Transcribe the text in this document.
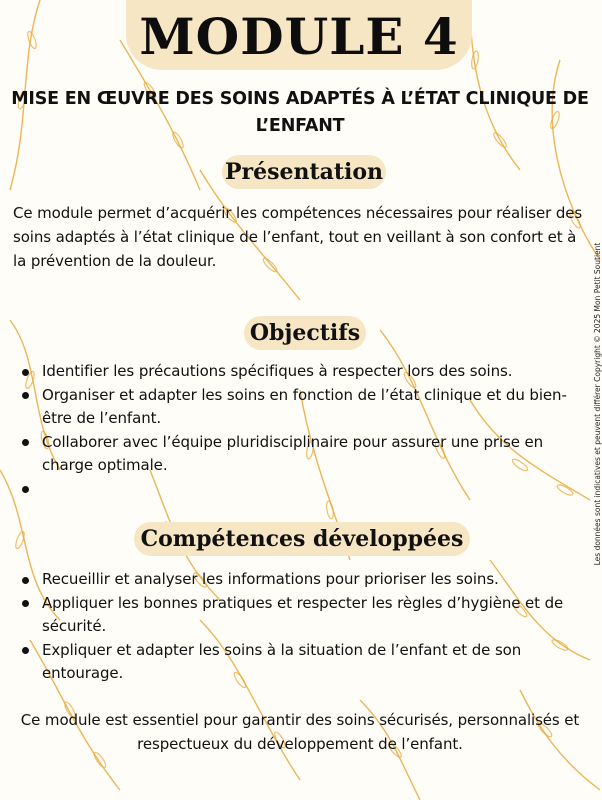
MODULE 4
MISE EN ŒUVRE DES SOINS ADAPTÉS À L’ÉTAT CLINIQUE DE L’ENFANT
Présentation
Ce module permet d’acquérir les compétences nécessaires pour réaliser des soins adaptés à l’état clinique de l’enfant, tout en veillant à son confort et à la prévention de la douleur.
Objectifs
Identifier les précautions spécifiques à respecter lors des soins.
Organiser et adapter les soins en fonction de l’état clinique et du bien-être de l’enfant.
Collaborer avec l’équipe pluridisciplinaire pour assurer une prise en charge optimale.
Compétences développées
Recueillir et analyser les informations pour prioriser les soins.
Appliquer les bonnes pratiques et respecter les règles d’hygiène et de sécurité.
Expliquer et adapter les soins à la situation de l’enfant et de son entourage.
Ce module est essentiel pour garantir des soins sécurisés, personnalisés et respectueux du développement de l’enfant.
Les données sont indicatives et peuvent différer Copyright © 2025 Mon Petit Soutient
